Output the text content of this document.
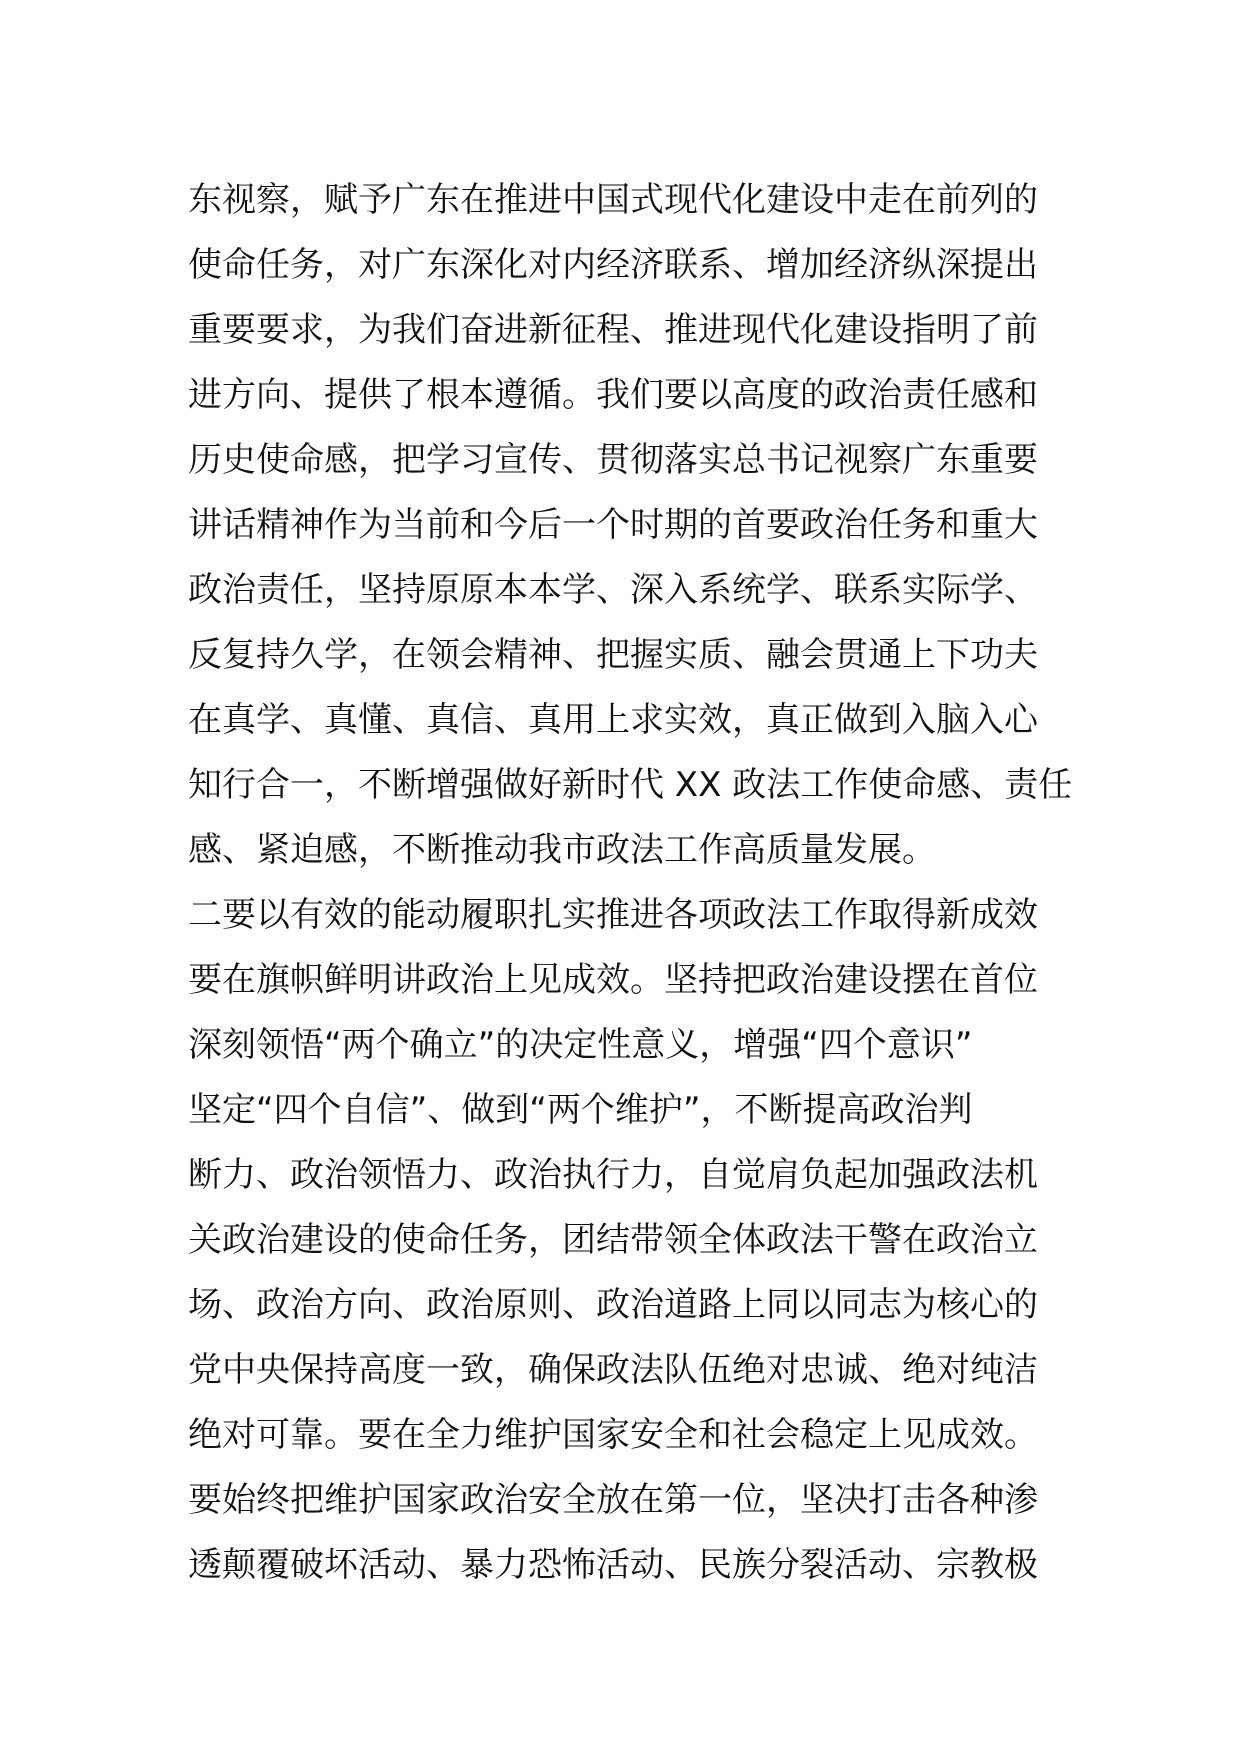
东视察，赋予广东在推进中国式现代化建设中走在前列的
使命任务，对广东深化对内经济联系、增加经济纵深提出
重要要求，为我们奋进新征程、推进现代化建设指明了前
进方向、提供了根本遵循。我们要以高度的政治责任感和
历史使命感，把学习宣传、贯彻落实总书记视察广东重要
讲话精神作为当前和今后一个时期的首要政治任务和重大
政治责任，坚持原原本本学、深入系统学、联系实际学、
反复持久学，在领会精神、把握实质、融会贯通上下功夫
在真学、真懂、真信、真用上求实效，真正做到入脑入心
知行合一，不断增强做好新时代 XX 政法工作使命感、责任
感、紧迫感，不断推动我市政法工作高质量发展。
二要以有效的能动履职扎实推进各项政法工作取得新成效
要在旗帜鲜明讲政治上见成效。坚持把政治建设摆在首位
深刻领悟“两个确立”的决定性意义，增强“四个意识”
坚定“四个自信”、做到“两个维护”，不断提高政治判
断力、政治领悟力、政治执行力，自觉肩负起加强政法机
关政治建设的使命任务，团结带领全体政法干警在政治立
场、政治方向、政治原则、政治道路上同以同志为核心的
党中央保持高度一致，确保政法队伍绝对忠诚、绝对纯洁
绝对可靠。要在全力维护国家安全和社会稳定上见成效。
要始终把维护国家政治安全放在第一位，坚决打击各种渗
透颠覆破坏活动、暴力恐怖活动、民族分裂活动、宗教极
